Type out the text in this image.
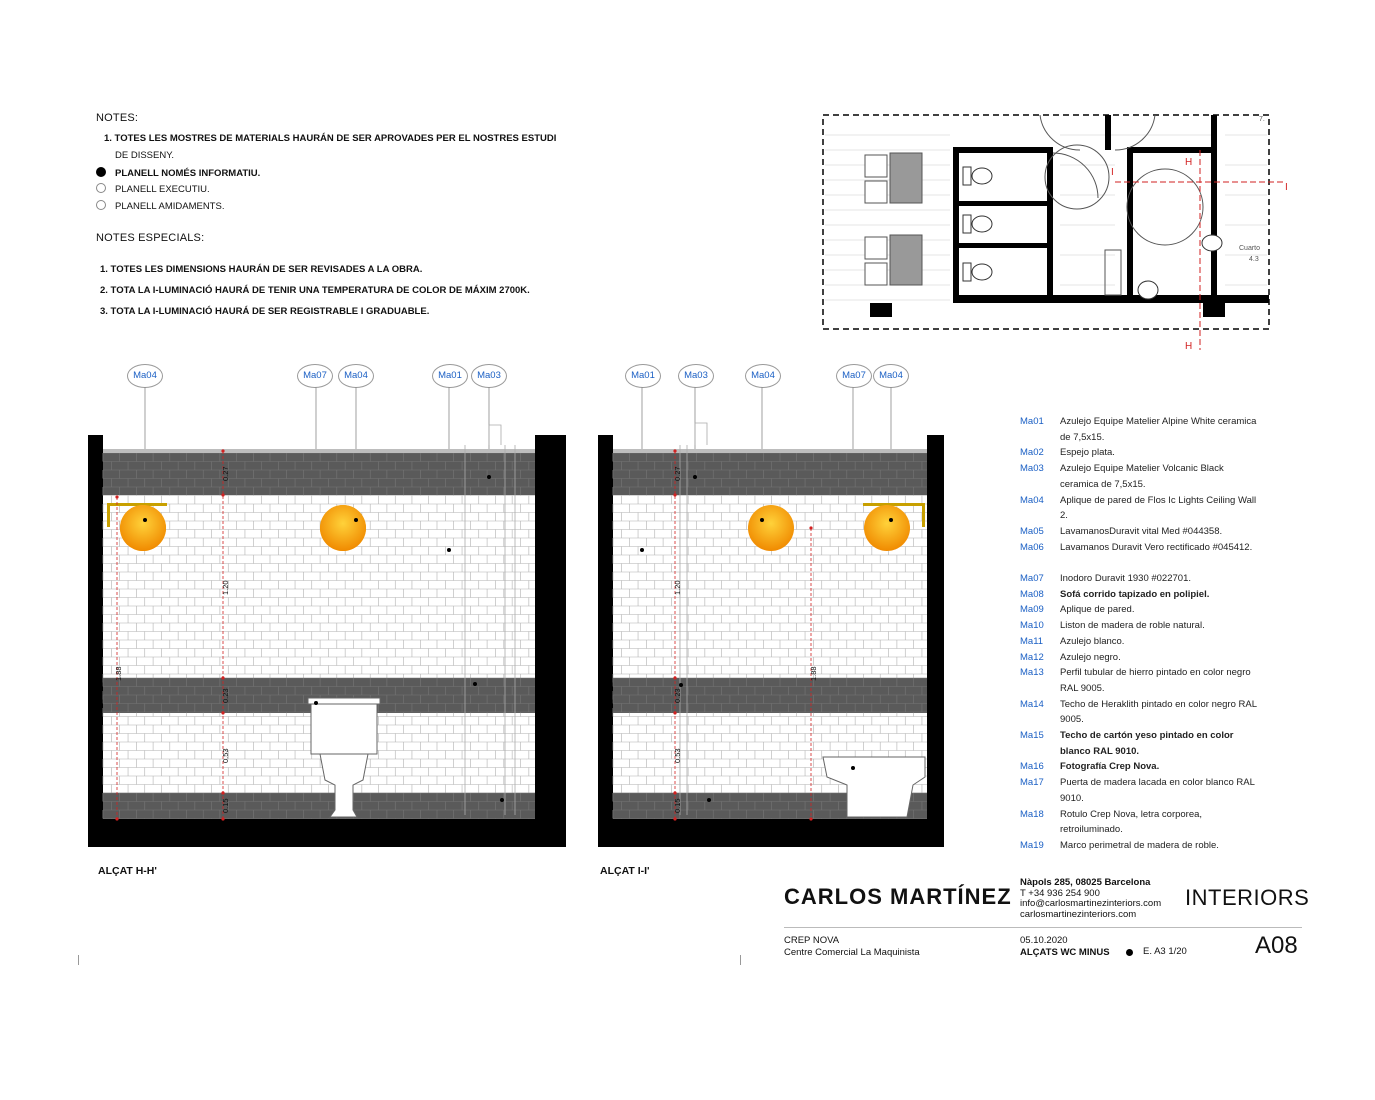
NOTES:
1. TOTES LES MOSTRES DE MATERIALS HAURÁN DE SER APROVADES PER EL NOSTRES ESTUDI
DE DISSENY.
PLANELL NOMÉS INFORMATIU.
PLANELL EXECUTIU.
PLANELL AMIDAMENTS.
NOTES ESPECIALS:
1. TOTES LES DIMENSIONS HAURÁN DE SER REVISADES A LA OBRA.
2. TOTA LA I-LUMINACIÓ HAURÁ DE TENIR UNA TEMPERATURA DE COLOR DE MÁXIM 2700K.
3. TOTA LA I-LUMINACIÓ HAURÁ DE SER REGISTRABLE I GRADUABLE.
H
H
I
I
Cuarto
4.3
7.
Ma04	Ma07	Ma04	Ma01	Ma03
0.27
1.20
0.23
0.53
0.15
1.88
ALÇAT H-H'
Ma01	Ma03	Ma04	Ma07	Ma04
0.27
1.20
0.23
0.53
0.15
1.88
ALÇAT I-I'
Ma01 Azulejo Equipe Matelier Alpine White ceramica de 7,5x15.
Ma02 Espejo plata.
Ma03 Azulejo Equipe Matelier Volcanic Black ceramica de 7,5x15.
Ma04 Aplique de pared de Flos Ic Lights Ceiling Wall 2.
Ma05 LavamanosDuravit vital Med #044358.
Ma06 Lavamanos Duravit Vero rectificado #045412.
Ma07 Inodoro Duravit 1930 #022701.
Ma08 Sofá corrido tapizado en polipiel.
Ma09 Aplique de pared.
Ma10 Liston de madera de roble natural.
Ma11 Azulejo blanco.
Ma12 Azulejo negro.
Ma13 Perfil tubular de hierro pintado en color negro RAL 9005.
Ma14 Techo de Heraklith pintado en color negro RAL 9005.
Ma15 Techo de cartón yeso pintado en color blanco RAL 9010.
Ma16 Fotografía Crep Nova.
Ma17 Puerta de madera lacada en color blanco RAL 9010.
Ma18 Rotulo Crep Nova, letra corporea, retroiluminado.
Ma19 Marco perimetral de madera de roble.
CARLOS MARTÍNEZ
Nàpols 285, 08025 Barcelona
T +34 936 254 900
info@carlosmartinezinteriors.com
carlosmartinezinteriors.com
INTERIORS
CREP NOVA
Centre Comercial La Maquinista
05.10.2020
ALÇATS WC MINUS	E. A3 1/20	A08
